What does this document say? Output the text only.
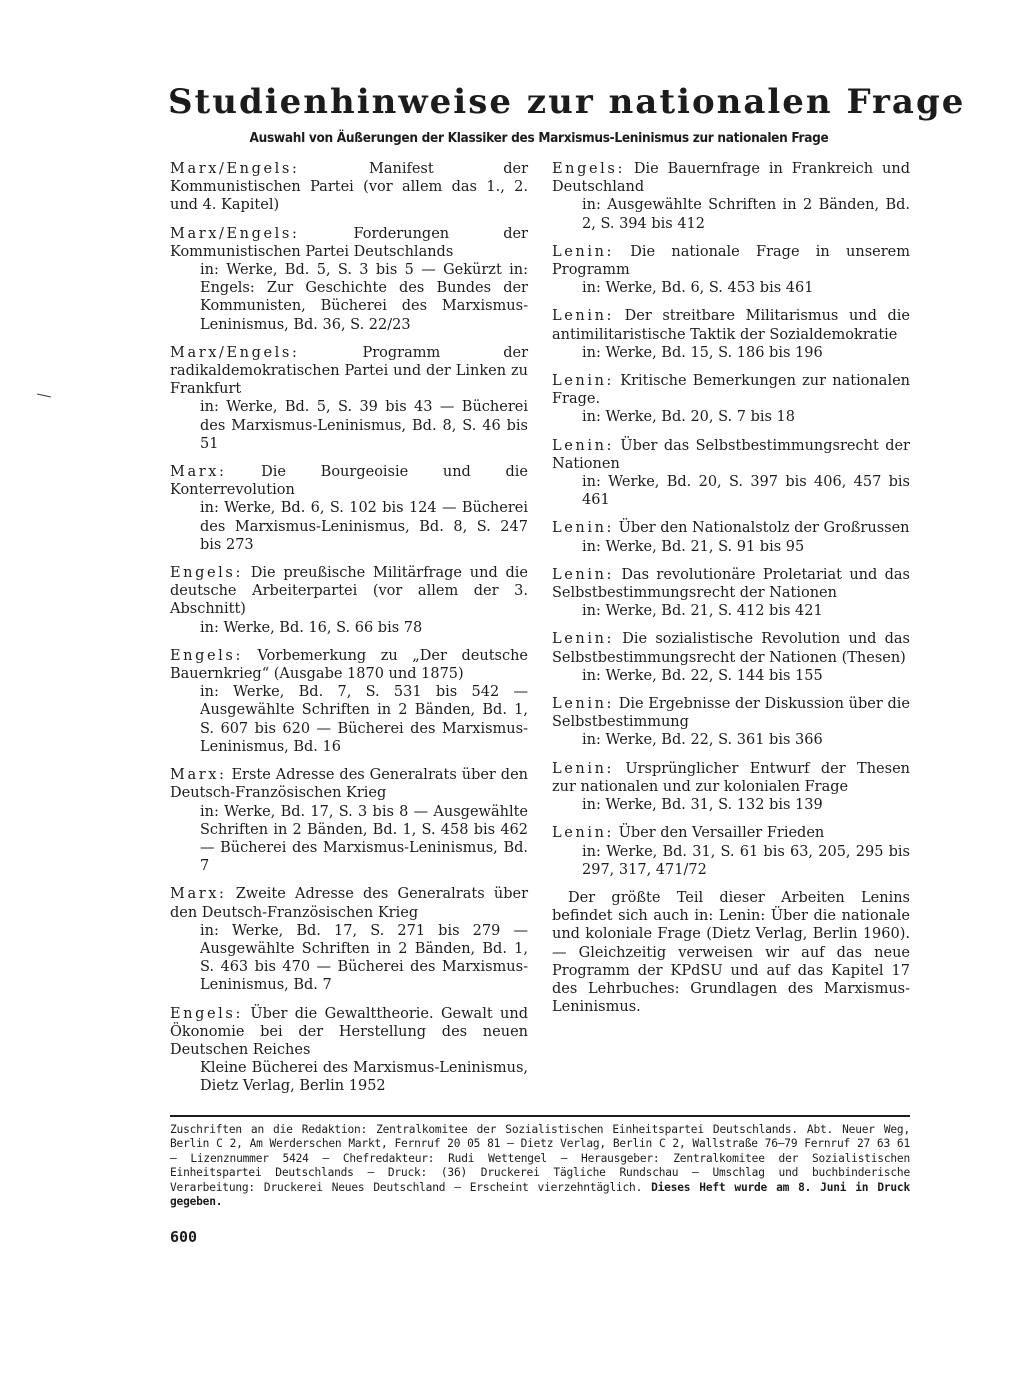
Studienhinweise zur nationalen Frage
Auswahl von Äußerungen der Klassiker des Marxismus-Leninismus zur nationalen Frage
Marx/Engels:	Manifest der Kommunistischen Partei (vor allem das 1., 2. und 4. Kapitel)
Marx/Engels:	Forderungen der Kommunistischen Partei Deutschlands
in: Werke, Bd. 5, S. 3 bis 5 — Gekürzt in: Engels: Zur Geschichte des Bundes der Kommunisten, Bücherei des Marxismus-Leninismus, Bd. 36, S. 22/23
Marx/Engels:	Programm der radikaldemokratischen Partei und der Linken zu Frankfurt
in: Werke, Bd. 5, S. 39 bis 43 — Bücherei des Marxismus-Leninismus, Bd. 8, S. 46 bis 51
Marx: Die Bourgeoisie und die Konterrevolution
in: Werke, Bd. 6, S. 102 bis 124 — Bücherei des Marxismus-Leninismus, Bd. 8, S. 247 bis 273
Engels: Die preußische Militärfrage und die deutsche Arbeiterpartei (vor allem der 3. Abschnitt)
in: Werke, Bd. 16, S. 66 bis 78
Engels: Vorbemerkung zu „Der deutsche Bauernkrieg“ (Ausgabe 1870 und 1875)
in: Werke, Bd. 7, S. 531 bis 542 — Ausgewählte Schriften in 2 Bänden, Bd. 1, S. 607 bis 620 — Bücherei des Marxismus-Leninismus, Bd. 16
Marx: Erste Adresse des Generalrats über den Deutsch-Französischen Krieg
in: Werke, Bd. 17, S. 3 bis 8 — Ausgewählte Schriften in 2 Bänden, Bd. 1, S. 458 bis 462 — Bücherei des Marxismus-Leninismus, Bd. 7
Marx: Zweite Adresse des Generalrats über den Deutsch-Französischen Krieg
in: Werke, Bd. 17, S. 271 bis 279 — Ausgewählte Schriften in 2 Bänden, Bd. 1, S. 463 bis 470 — Bücherei des Marxismus-Leninismus, Bd. 7
Engels: Über die Gewalttheorie. Gewalt und Ökonomie bei der Herstellung des neuen Deutschen Reiches
Kleine Bücherei des Marxismus-Leninismus, Dietz Verlag, Berlin 1952
Engels: Die Bauernfrage in Frankreich und Deutschland
in: Ausgewählte Schriften in 2 Bänden, Bd. 2, S. 394 bis 412
Lenin: Die nationale Frage in unserem Programm
in: Werke, Bd. 6, S. 453 bis 461
Lenin: Der streitbare Militarismus und die antimilitaristische Taktik der Sozialdemokratie
in: Werke, Bd. 15, S. 186 bis 196
Lenin: Kritische Bemerkungen zur nationalen Frage.
in: Werke, Bd. 20, S. 7 bis 18
Lenin: Über das Selbstbestimmungsrecht der Nationen
in: Werke, Bd. 20, S. 397 bis 406, 457 bis 461
Lenin: Über den Nationalstolz der Großrussen
in: Werke, Bd. 21, S. 91 bis 95
Lenin: Das revolutionäre Proletariat und das Selbstbestimmungsrecht der Nationen
in: Werke, Bd. 21, S. 412 bis 421
Lenin: Die sozialistische Revolution und das Selbstbestimmungsrecht der Nationen (Thesen)
in: Werke, Bd. 22, S. 144 bis 155
Lenin: Die Ergebnisse der Diskussion über die Selbstbestimmung
in: Werke, Bd. 22, S. 361 bis 366
Lenin: Ursprünglicher Entwurf der Thesen zur nationalen und zur kolonialen Frage
in: Werke, Bd. 31, S. 132 bis 139
Lenin: Über den Versailler Frieden
in: Werke, Bd. 31, S. 61 bis 63, 205, 295 bis 297, 317, 471/72
Der größte Teil dieser Arbeiten Lenins befindet sich auch in: Lenin: Über die nationale und koloniale Frage (Dietz Verlag, Berlin 1960). — Gleichzeitig verweisen wir auf das neue Programm der KPdSU und auf das Kapitel 17 des Lehrbuches: Grundlagen des Marxismus-Leninismus.
Zuschriften an die Redaktion: Zentralkomitee der Sozialistischen Einheitspartei Deutschlands. Abt. Neuer Weg, Berlin C 2, Am Werderschen Markt, Fernruf 20 05 81 — Dietz Verlag, Berlin C 2, Wallstraße 76–79 Fernruf 27 63 61 — Lizenznummer 5424 — Chefredakteur: Rudi Wettengel — Herausgeber: Zentralkomitee der Sozialistischen Einheitspartei Deutschlands — Druck: (36) Druckerei Tägliche Rundschau — Umschlag und buchbinderische Verarbeitung: Druckerei Neues Deutschland — Erscheint vierzehntäglich. Dieses Heft wurde am 8. Juni in Druck gegeben.
600
